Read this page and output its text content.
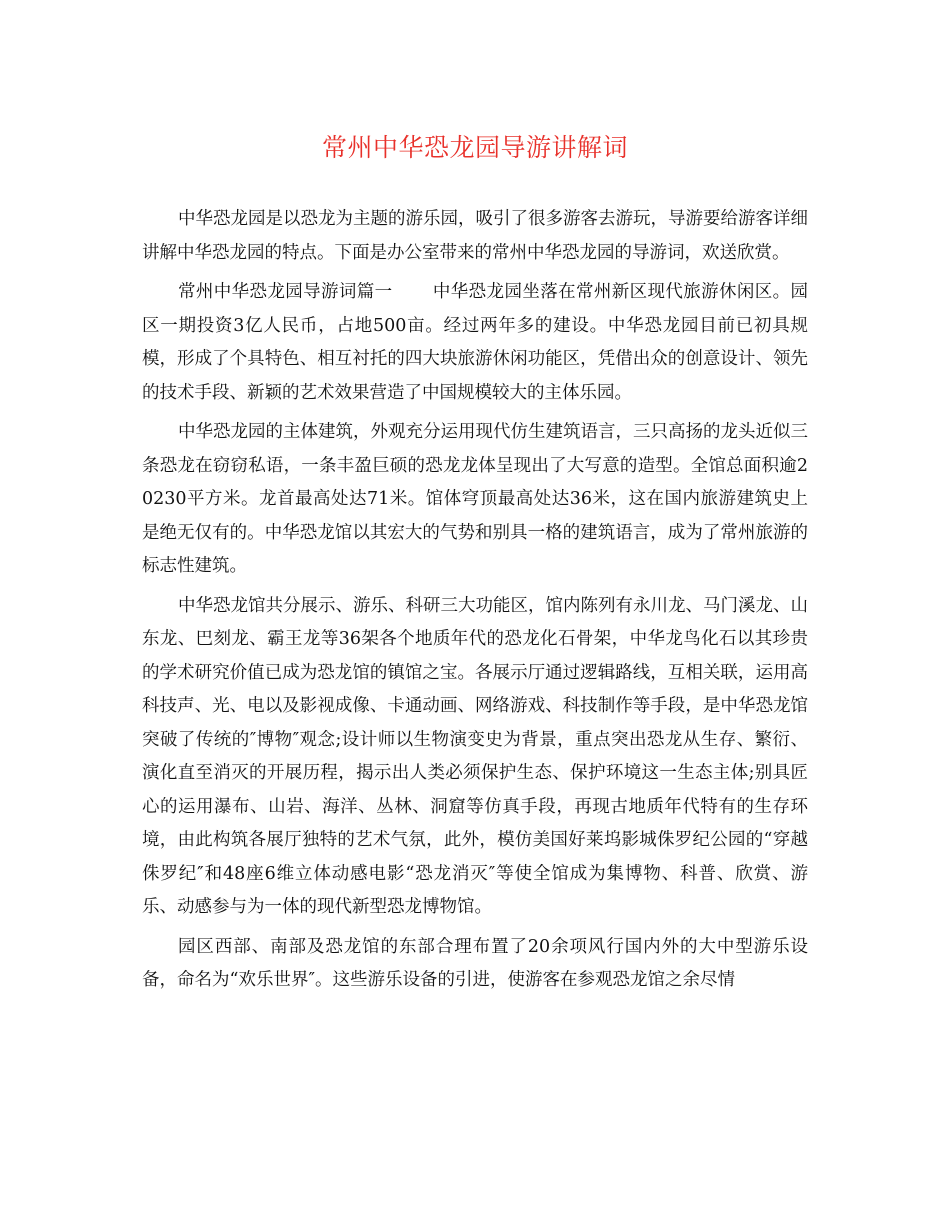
常州中华恐龙园导游讲解词

中华恐龙园是以恐龙为主题的游乐园，吸引了很多游客去游玩，导游要给游客详细讲解中华恐龙园的特点。下面是办公室带来的常州中华恐龙园的导游词，欢送欣赏。

常州中华恐龙园导游词篇一 中华恐龙园坐落在常州新区现代旅游休闲区。园区一期投资3亿人民币，占地500亩。经过两年多的建设。中华恐龙园目前已初具规模，形成了个具特色、相互衬托的四大块旅游休闲功能区，凭借出众的创意设计、领先的技术手段、新颖的艺术效果营造了中国规模较大的主体乐园。

中华恐龙园的主体建筑，外观充分运用现代仿生建筑语言，三只高扬的龙头近似三条恐龙在窃窃私语，一条丰盈巨硕的恐龙龙体呈现出了大写意的造型。全馆总面积逾20230平方米。龙首最高处达71米。馆体穹顶最高处达36米，这在国内旅游建筑史上是绝无仅有的。中华恐龙馆以其宏大的气势和别具一格的建筑语言，成为了常州旅游的标志性建筑。

中华恐龙馆共分展示、游乐、科研三大功能区，馆内陈列有永川龙、马门溪龙、山东龙、巴刻龙、霸王龙等36架各个地质年代的恐龙化石骨架，中华龙鸟化石以其珍贵的学术研究价值已成为恐龙馆的镇馆之宝。各展示厅通过逻辑路线，互相关联，运用高科技声、光、电以及影视成像、卡通动画、网络游戏、科技制作等手段，是中华恐龙馆突破了传统的″博物″观念;设计师以生物演变史为背景，重点突出恐龙从生存、繁衍、演化直至消灭的开展历程，揭示出人类必须保护生态、保护环境这一生态主体;别具匠心的运用瀑布、山岩、海洋、丛林、洞窟等仿真手段，再现古地质年代特有的生存环境，由此构筑各展厅独特的艺术气氛，此外，模仿美国好莱坞影城侏罗纪公园的“穿越侏罗纪″和48座6维立体动感电影“恐龙消灭″等使全馆成为集博物、科普、欣赏、游乐、动感参与为一体的现代新型恐龙博物馆。

园区西部、南部及恐龙馆的东部合理布置了20余项风行国内外的大中型游乐设备，命名为“欢乐世界″。这些游乐设备的引进，使游客在参观恐龙馆之余尽情
